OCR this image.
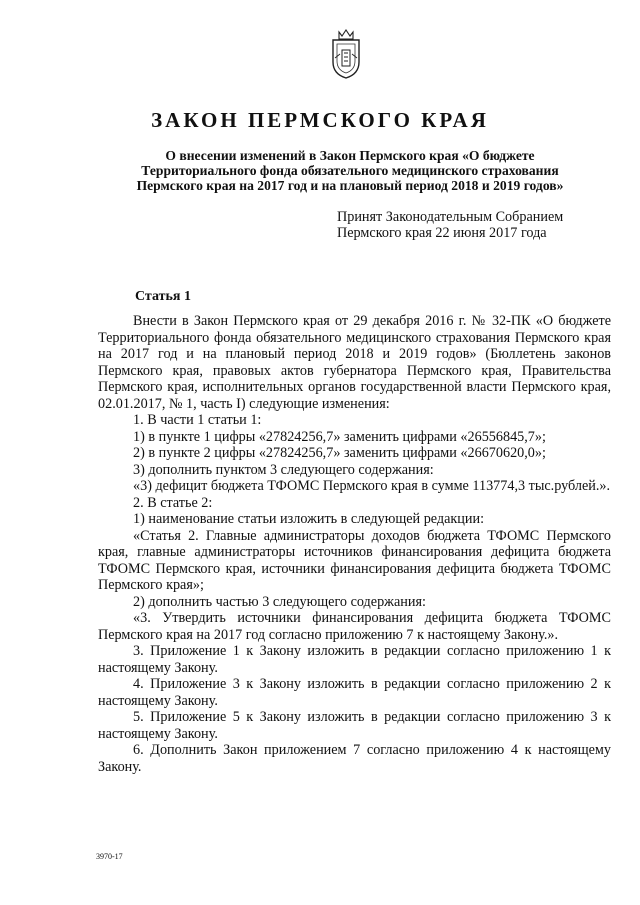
ЗАКОН ПЕРМСКОГО КРАЯ
О внесении изменений в Закон Пермского края «О бюджете
Территориального фонда обязательного медицинского страхования
Пермского края на 2017 год и на плановый период 2018 и 2019 годов»
Принят Законодательным Собранием
Пермского края 22 июня 2017 года
Статья 1

Внести в Закон Пермского края от 29 декабря 2016 г. № 32-ПК «О бюджете Территориального фонда обязательного медицинского страхования Пермского края на 2017 год и на плановый период 2018 и 2019 годов» (Бюллетень законов Пермского края, правовых актов губернатора Пермского края, Правительства Пермского края, исполнительных органов государственной власти Пермского края, 02.01.2017, № 1, часть I) следующие изменения:

1. В части 1 статьи 1:

1) в пункте 1 цифры «27824256,7» заменить цифрами «26556845,7»;

2) в пункте 2 цифры «27824256,7» заменить цифрами «26670620,0»;

3) дополнить пунктом 3 следующего содержания:

«3) дефицит бюджета ТФОМС Пермского края в сумме 113774,3 тыс.рублей.».

2. В статье 2:

1) наименование статьи изложить в следующей редакции:

«Статья 2. Главные администраторы доходов бюджета ТФОМС Пермского края, главные администраторы источников финансирования дефицита бюджета ТФОМС Пермского края, источники финансирования дефицита бюджета ТФОМС Пермского края»;

2) дополнить частью 3 следующего содержания:

«3. Утвердить источники финансирования дефицита бюджета ТФОМС Пермского края на 2017 год согласно приложению 7 к настоящему Закону.».

3. Приложение 1 к Закону изложить в редакции согласно приложению 1 к настоящему Закону.

4. Приложение 3 к Закону изложить в редакции согласно приложению 2 к настоящему Закону.

5. Приложение 5 к Закону изложить в редакции согласно приложению 3 к настоящему Закону.

6. Дополнить Закон приложением 7 согласно приложению 4 к настоящему Закону.

3970-17
